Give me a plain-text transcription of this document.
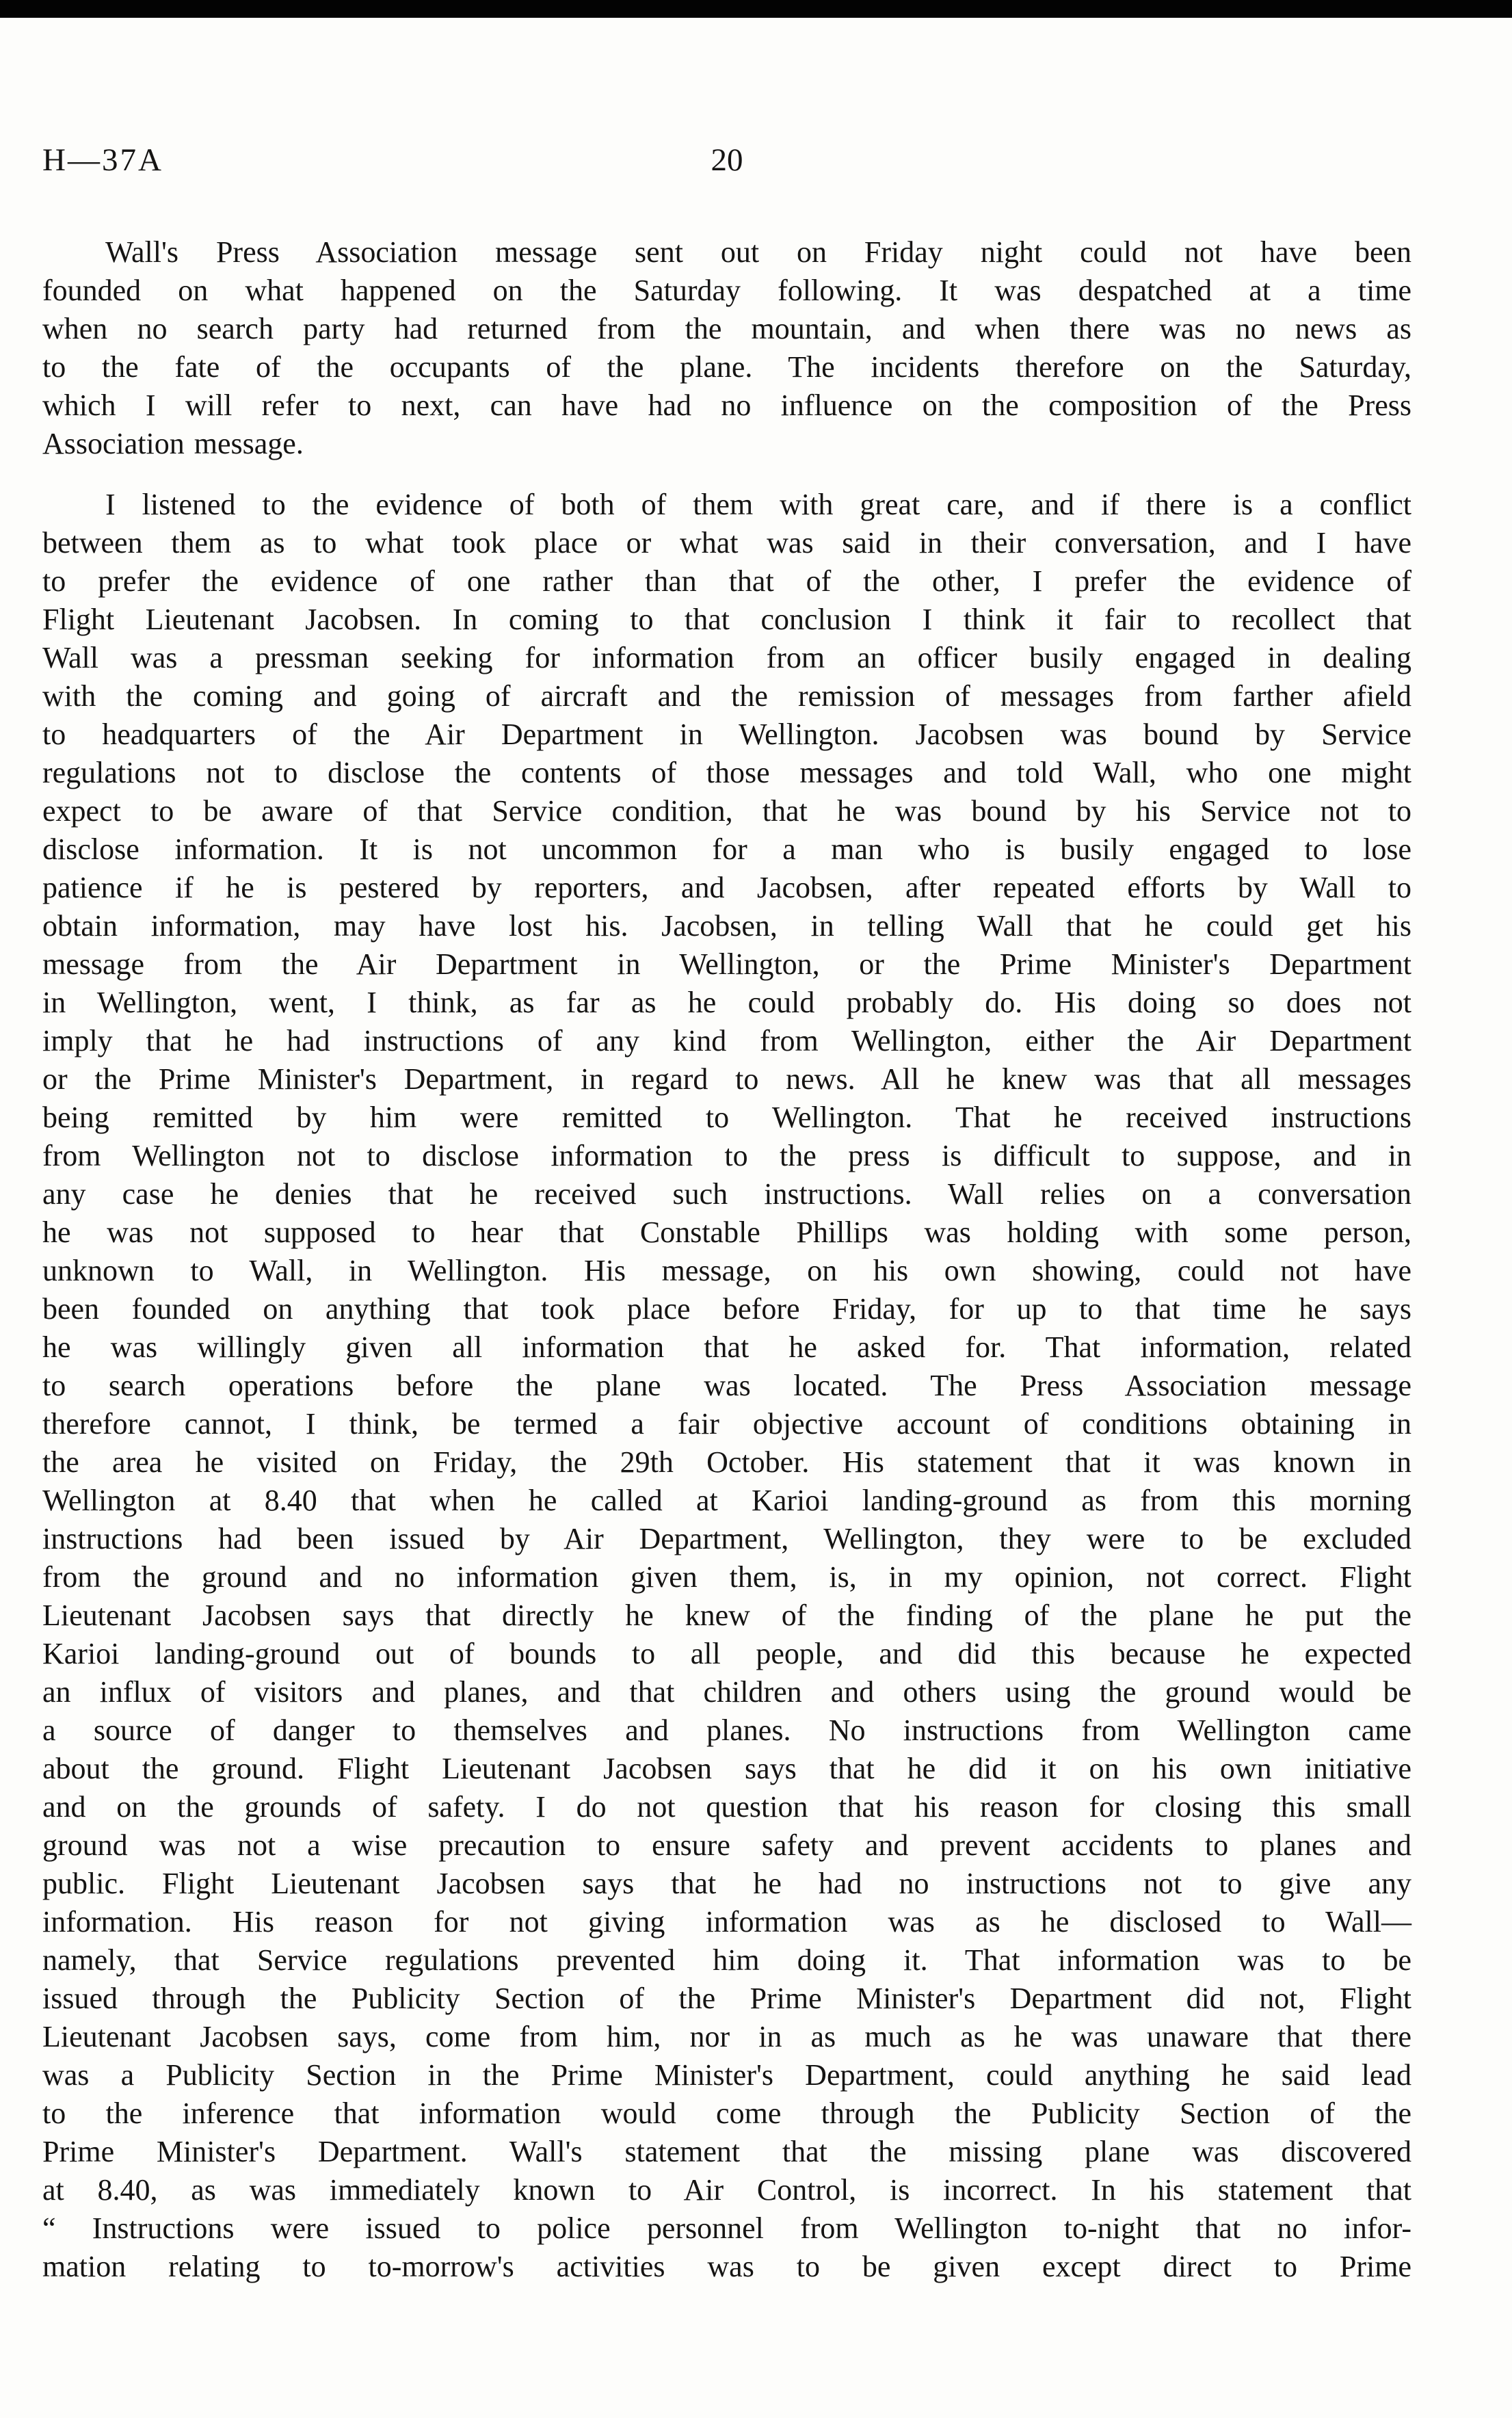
H—37A	20
Wall's Press Association message sent out on Friday night could not have been
founded on what happened on the Saturday following. It was despatched at a time
when no search party had returned from the mountain, and when there was no news as
to the fate of the occupants of the plane. The incidents therefore on the Saturday,
which I will refer to next, can have had no influence on the composition of the Press
Association message.
I listened to the evidence of both of them with great care, and if there is a conflict
between them as to what took place or what was said in their conversation, and I have
to prefer the evidence of one rather than that of the other, I prefer the evidence of
Flight Lieutenant Jacobsen. In coming to that conclusion I think it fair to recollect that
Wall was a pressman seeking for information from an officer busily engaged in dealing
with the coming and going of aircraft and the remission of messages from farther afield
to headquarters of the Air Department in Wellington. Jacobsen was bound by Service
regulations not to disclose the contents of those messages and told Wall, who one might
expect to be aware of that Service condition, that he was bound by his Service not to
disclose information. It is not uncommon for a man who is busily engaged to lose
patience if he is pestered by reporters, and Jacobsen, after repeated efforts by Wall to
obtain information, may have lost his. Jacobsen, in telling Wall that he could get his
message from the Air Department in Wellington, or the Prime Minister's Department
in Wellington, went, I think, as far as he could probably do. His doing so does not
imply that he had instructions of any kind from Wellington, either the Air Department
or the Prime Minister's Department, in regard to news. All he knew was that all messages
being remitted by him were remitted to Wellington. That he received instructions
from Wellington not to disclose information to the press is difficult to suppose, and in
any case he denies that he received such instructions. Wall relies on a conversation
he was not supposed to hear that Constable Phillips was holding with some person,
unknown to Wall, in Wellington. His message, on his own showing, could not have
been founded on anything that took place before Friday, for up to that time he says
he was willingly given all information that he asked for. That information, related
to search operations before the plane was located. The Press Association message
therefore cannot, I think, be termed a fair objective account of conditions obtaining in
the area he visited on Friday, the 29th October. His statement that it was known in
Wellington at 8.40 that when he called at Karioi landing-ground as from this morning
instructions had been issued by Air Department, Wellington, they were to be excluded
from the ground and no information given them, is, in my opinion, not correct. Flight
Lieutenant Jacobsen says that directly he knew of the finding of the plane he put the
Karioi landing-ground out of bounds to all people, and did this because he expected
an influx of visitors and planes, and that children and others using the ground would be
a source of danger to themselves and planes. No instructions from Wellington came
about the ground. Flight Lieutenant Jacobsen says that he did it on his own initiative
and on the grounds of safety. I do not question that his reason for closing this small
ground was not a wise precaution to ensure safety and prevent accidents to planes and
public. Flight Lieutenant Jacobsen says that he had no instructions not to give any
information. His reason for not giving information was as he disclosed to Wall—
namely, that Service regulations prevented him doing it. That information was to be
issued through the Publicity Section of the Prime Minister's Department did not, Flight
Lieutenant Jacobsen says, come from him, nor in as much as he was unaware that there
was a Publicity Section in the Prime Minister's Department, could anything he said lead
to the inference that information would come through the Publicity Section of the
Prime Minister's Department. Wall's statement that the missing plane was discovered
at 8.40, as was immediately known to Air Control, is incorrect. In his statement that
“ Instructions were issued to police personnel from Wellington to-night that no infor-
mation relating to to-morrow's activities was to be given except direct to Prime
